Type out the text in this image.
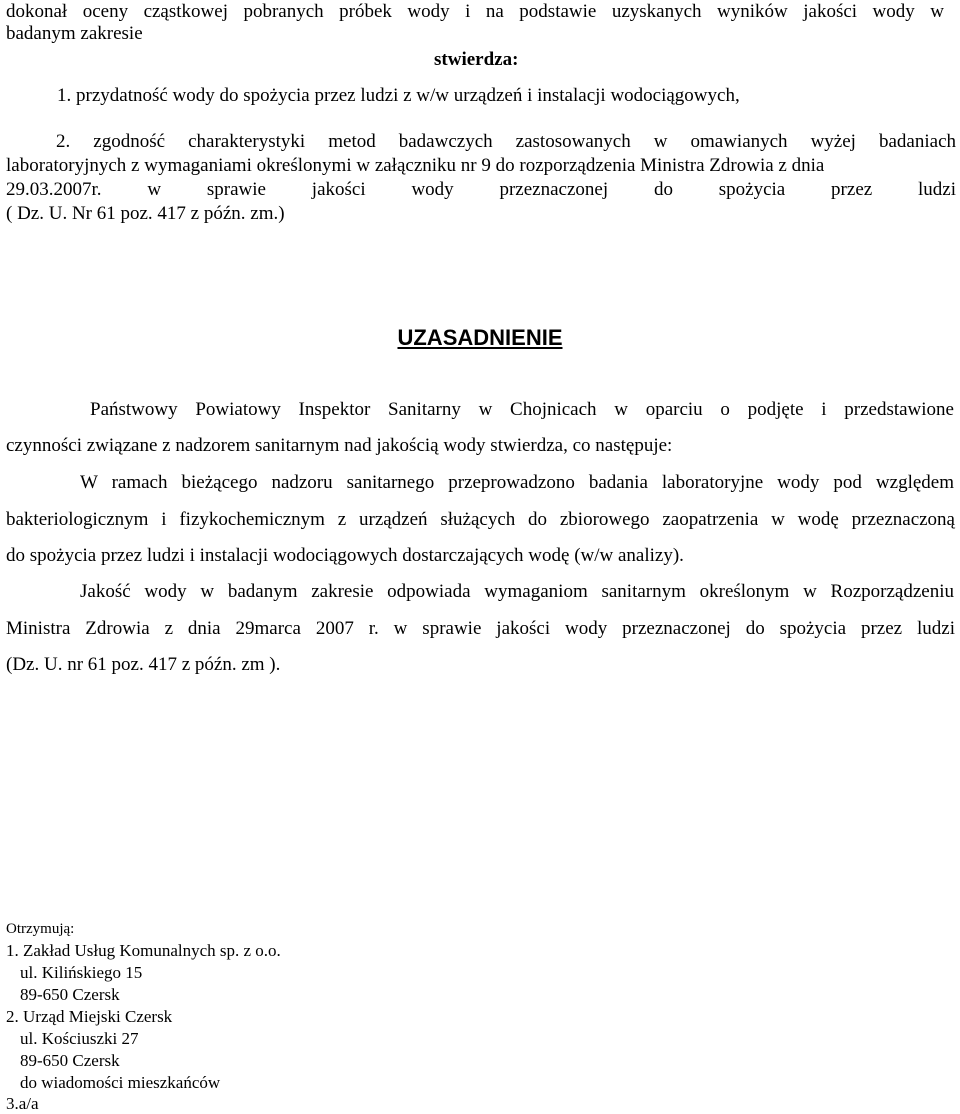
dokonał oceny cząstkowej pobranych próbek wody i na podstawie uzyskanych wyników jakości wody w
badanym zakresie
stwierdza:
1. przydatność wody do spożycia przez ludzi z w/w urządzeń i instalacji wodociągowych,
2. zgodność charakterystyki metod badawczych zastosowanych w omawianych wyżej badaniach
laboratoryjnych z wymaganiami określonymi w załączniku nr 9 do rozporządzenia Ministra Zdrowia z dnia
29.03.2007r. w sprawie jakości wody przeznaczonej do spożycia przez ludzi
( Dz. U. Nr 61 poz. 417 z późn. zm.)
UZASADNIENIE
Państwowy Powiatowy Inspektor Sanitarny w Chojnicach w oparciu o podjęte i przedstawione
czynności związane z nadzorem sanitarnym nad jakością wody stwierdza, co następuje:
W ramach bieżącego nadzoru sanitarnego przeprowadzono badania laboratoryjne wody pod względem
bakteriologicznym i fizykochemicznym z urządzeń służących do zbiorowego zaopatrzenia w wodę przeznaczoną
do spożycia przez ludzi i instalacji wodociągowych dostarczających wodę (w/w analizy).
Jakość wody w badanym zakresie odpowiada wymaganiom sanitarnym określonym w Rozporządzeniu
Ministra Zdrowia z dnia 29marca 2007 r. w sprawie jakości wody przeznaczonej do spożycia przez ludzi
(Dz. U. nr 61 poz. 417 z późn. zm ).
Otrzymują:
1. Zakład Usług Komunalnych sp. z o.o.
ul. Kilińskiego 15
89-650 Czersk
2. Urząd Miejski Czersk
ul. Kościuszki 27
89-650 Czersk
do wiadomości mieszkańców
3.a/a
